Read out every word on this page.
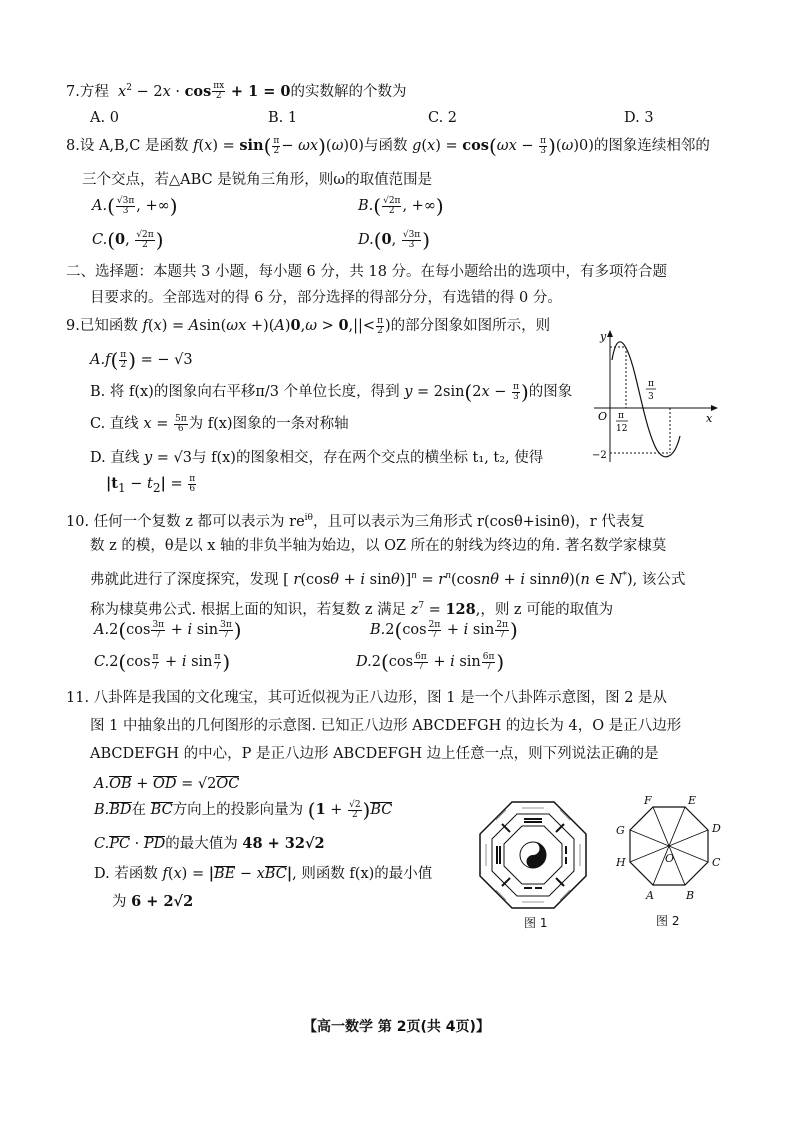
7.方程  $x^2 - 2x \cdot \cos \frac{\pi x}{2} + 1 = 0$的实数解的个数为
A. 0	B. 1	C. 2	D. 3
8.设 A,B,C 是函数 $f(x) = \sin( \frac{\pi}{2} - \omega x)(\omega)0$)与函数 $g(x) = \cos(\omega x - \frac{\pi}{3} )(\omega)0$)的图象连续相邻的
三个交点，若△ABC 是锐角三角形，则ω的取值范围是
$A.( \frac{√3\pi}{3}$ , +∞)	$B.( \frac{√2\pi}{2}$ , +∞)
C.(0, $\frac{√2\pi}{2}$ )	D.(0, $\frac{√3\pi}{3}$ )
二、选择题：本题共 3 小题，每小题 6 分，共 18 分。在每小题给出的选项中，有多项符合题
目要求的。全部选对的得 6 分，部分选择的得部分分，有选错的得 0 分。
9.已知函数 $f(x) = Asin(\omega x +)(A)0,\omega > 0,||< \frac{\pi}{2}$ )的部分图象如图所示，则
$A.f( \frac{\pi}{2}$ ) = − √3
B. 将 f(x)的图象向右平移π/3 个单位长度，得到 $y = 2\sin(2x - \frac{\pi}{3}$ )的图象
C. 直线 $x = \frac{5\pi}{6}$ 为 f(x)图象的一条对称轴
D. 直线 y = √3与 f(x)的图象相交，存在两个交点的横坐标 t₁, t₂, 使得
$|t_1 - t_2| = \frac{\pi}{6}$
y
x
O
−2
π
12
π
3
10. 任何一个复数 z 都可以表示为 $re^{i\theta}$，且可以表示为三角形式 r(cosθ+isinθ)，r 代表复
数 z 的模，θ是以 x 轴的非负半轴为始边，以 OZ 所在的射线为终边的角. 著名数学家棣莫
弗就此进行了深度探究，发现 [ r(cosθ + i $\sin\theta)]^n = r^n(\cos n\theta + i$ sinnθ)(n ∈ N*), 该公式
称为棣莫弗公式. 根据上面的知识，若复数 z 满足 $z^7 = 128$,，则 z 可能的取值为
$A.2(\cos \frac{3\pi}{7} + i$ $\sin \frac{3\pi}{7}$ )	$B.2(\cos \frac{2\pi}{7} + i$ $\sin \frac{2\pi}{7}$ )
$C.2(\cos \frac{\pi}{7} + i$ $\sin \frac{\pi}{7}$ )	$D.2(\cos \frac{6\pi}{7} + i$ $\sin \frac{6\pi}{7}$ )
11. 八卦阵是我国的文化瑰宝，其可近似视为正八边形，图 1 是一个八卦阵示意图，图 2 是从
图 1 中抽象出的几何图形的示意图. 已知正八边形 ABCDEFGH 的边长为 4，O 是正八边形
ABCDEFGH 的中心，P 是正八边形 ABCDEFGH 边上任意一点，则下列说法正确的是
A.OB + OD = √2OC
B.BD在 BC方向上的投影向量为 $(1 + \frac{√2}{2} )BC$
C.PC · PD的最大值为 48 + 32√2
D. 若函数 f(x) = |BE − xBC|, 则函数 f(x)的最小值
为 6 + 2√2
图 1
F	E
D
C
B
A
H
G
O
图 2
【高一数学 第 2页(共 4页)】
